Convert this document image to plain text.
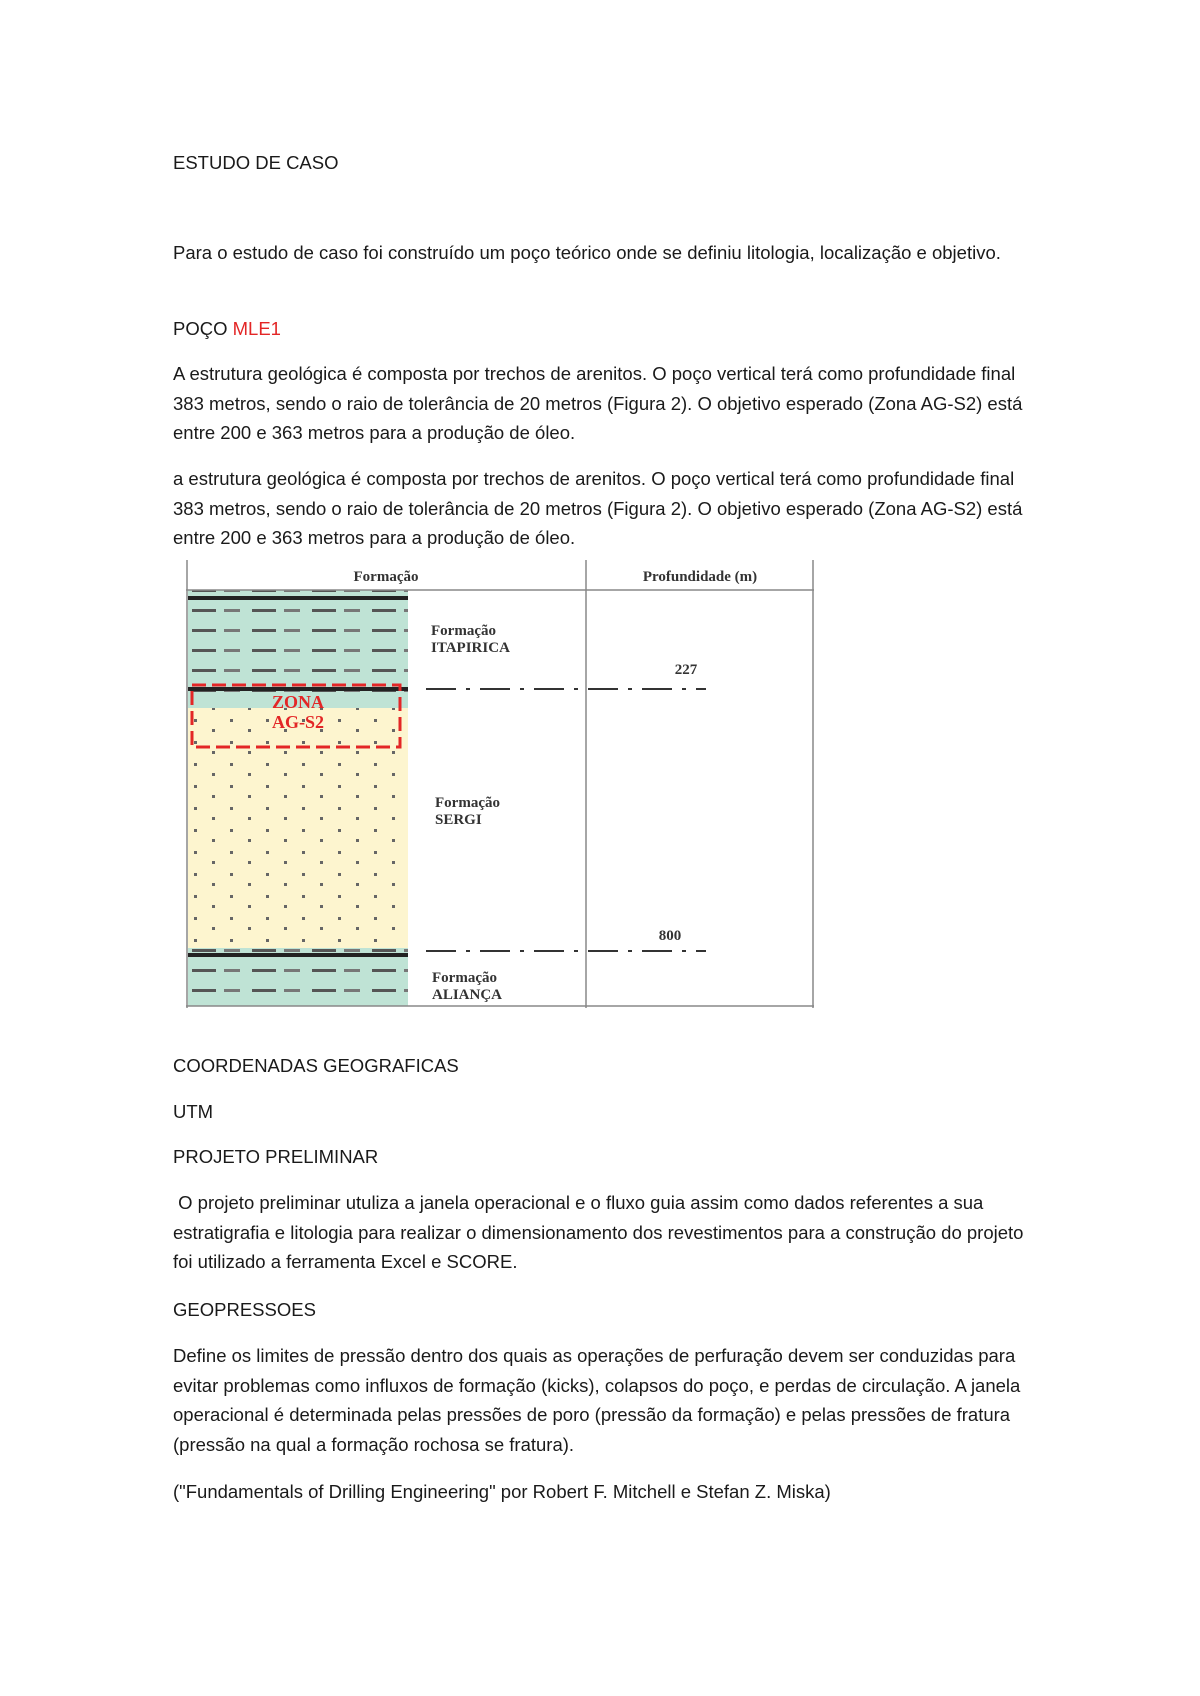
ESTUDO DE CASO

Para o estudo de caso foi construído um poço teórico onde se definiu litologia, localização e objetivo.

POÇO MLE1

A estrutura geológica é composta por trechos de arenitos. O poço vertical terá como profundidade final 383 metros, sendo o raio de tolerância de 20 metros (Figura 2). O objetivo esperado (Zona AG-S2) está entre 200 e 363 metros para a produção de óleo.

a estrutura geológica é composta por trechos de arenitos. O poço vertical terá como profundidade final 383 metros, sendo o raio de tolerância de 20 metros (Figura 2). O objetivo esperado (Zona AG-S2) está entre 200 e 363 metros para a produção de óleo.

ZONA
AG-S2
Formação	Profundidade (m)
Formação
ITAPIRICA
Formação
SERGI
Formação
ALIANÇA
227
800

COORDENADAS GEOGRAFICAS

UTM

PROJETO PRELIMINAR

O projeto preliminar utuliza a janela operacional e o fluxo guia assim como dados referentes a sua estratigrafia e litologia para realizar o dimensionamento dos revestimentos para a construção do projeto foi utilizado a ferramenta Excel e SCORE.

GEOPRESSOES

Define os limites de pressão dentro dos quais as operações de perfuração devem ser conduzidas para evitar problemas como influxos de formação (kicks), colapsos do poço, e perdas de circulação. A janela operacional é determinada pelas pressões de poro (pressão da formação) e pelas pressões de fratura (pressão na qual a formação rochosa se fratura).

("Fundamentals of Drilling Engineering" por Robert F. Mitchell e Stefan Z. Miska)
